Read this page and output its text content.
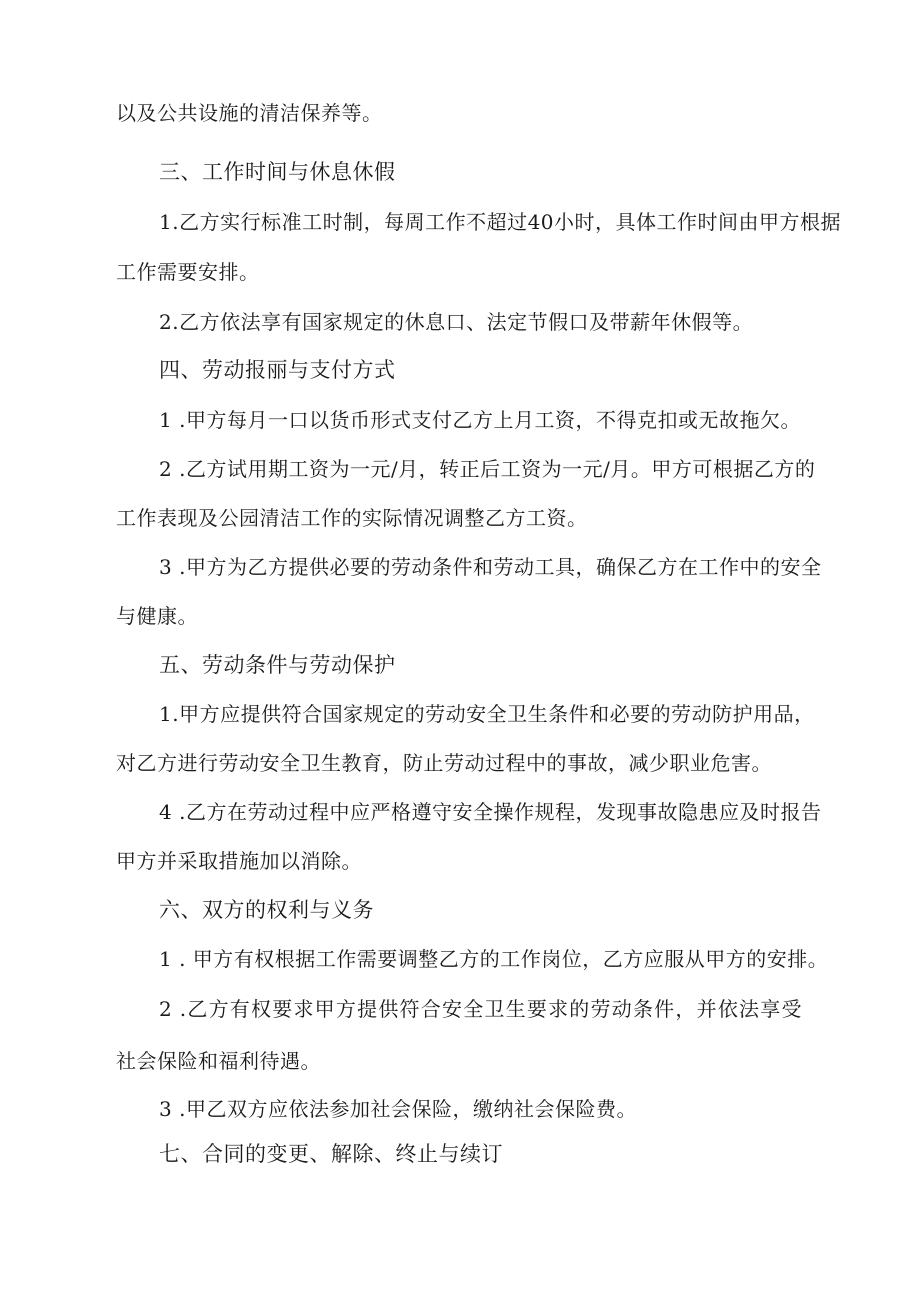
以及公共设施的清洁保养等。
三、工作时间与休息休假
1.乙方实行标准工时制，每周工作不超过40小时，具体工作时间由甲方根据
工作需要安排。
2.乙方依法享有国家规定的休息口、法定节假口及带薪年休假等。
四、劳动报丽与支付方式
1 .甲方每月一口以货币形式支付乙方上月工资，不得克扣或无故拖欠。
2 .乙方试用期工资为一元/月，转正后工资为一元/月。甲方可根据乙方的
工作表现及公园清洁工作的实际情况调整乙方工资。
3 .甲方为乙方提供必要的劳动条件和劳动工具，确保乙方在工作中的安全
与健康。
五、劳动条件与劳动保护
1.甲方应提供符合国家规定的劳动安全卫生条件和必要的劳动防护用品，
对乙方进行劳动安全卫生教育，防止劳动过程中的事故，减少职业危害。
4 .乙方在劳动过程中应严格遵守安全操作规程，发现事故隐患应及时报告
甲方并采取措施加以消除。
六、双方的权利与义务
1 . 甲方有权根据工作需要调整乙方的工作岗位，乙方应服从甲方的安排。
2 .乙方有权要求甲方提供符合安全卫生要求的劳动条件，并依法享受
社会保险和福利待遇。
3 .甲乙双方应依法参加社会保险，缴纳社会保险费。
七、合同的变更、解除、终止与续订
